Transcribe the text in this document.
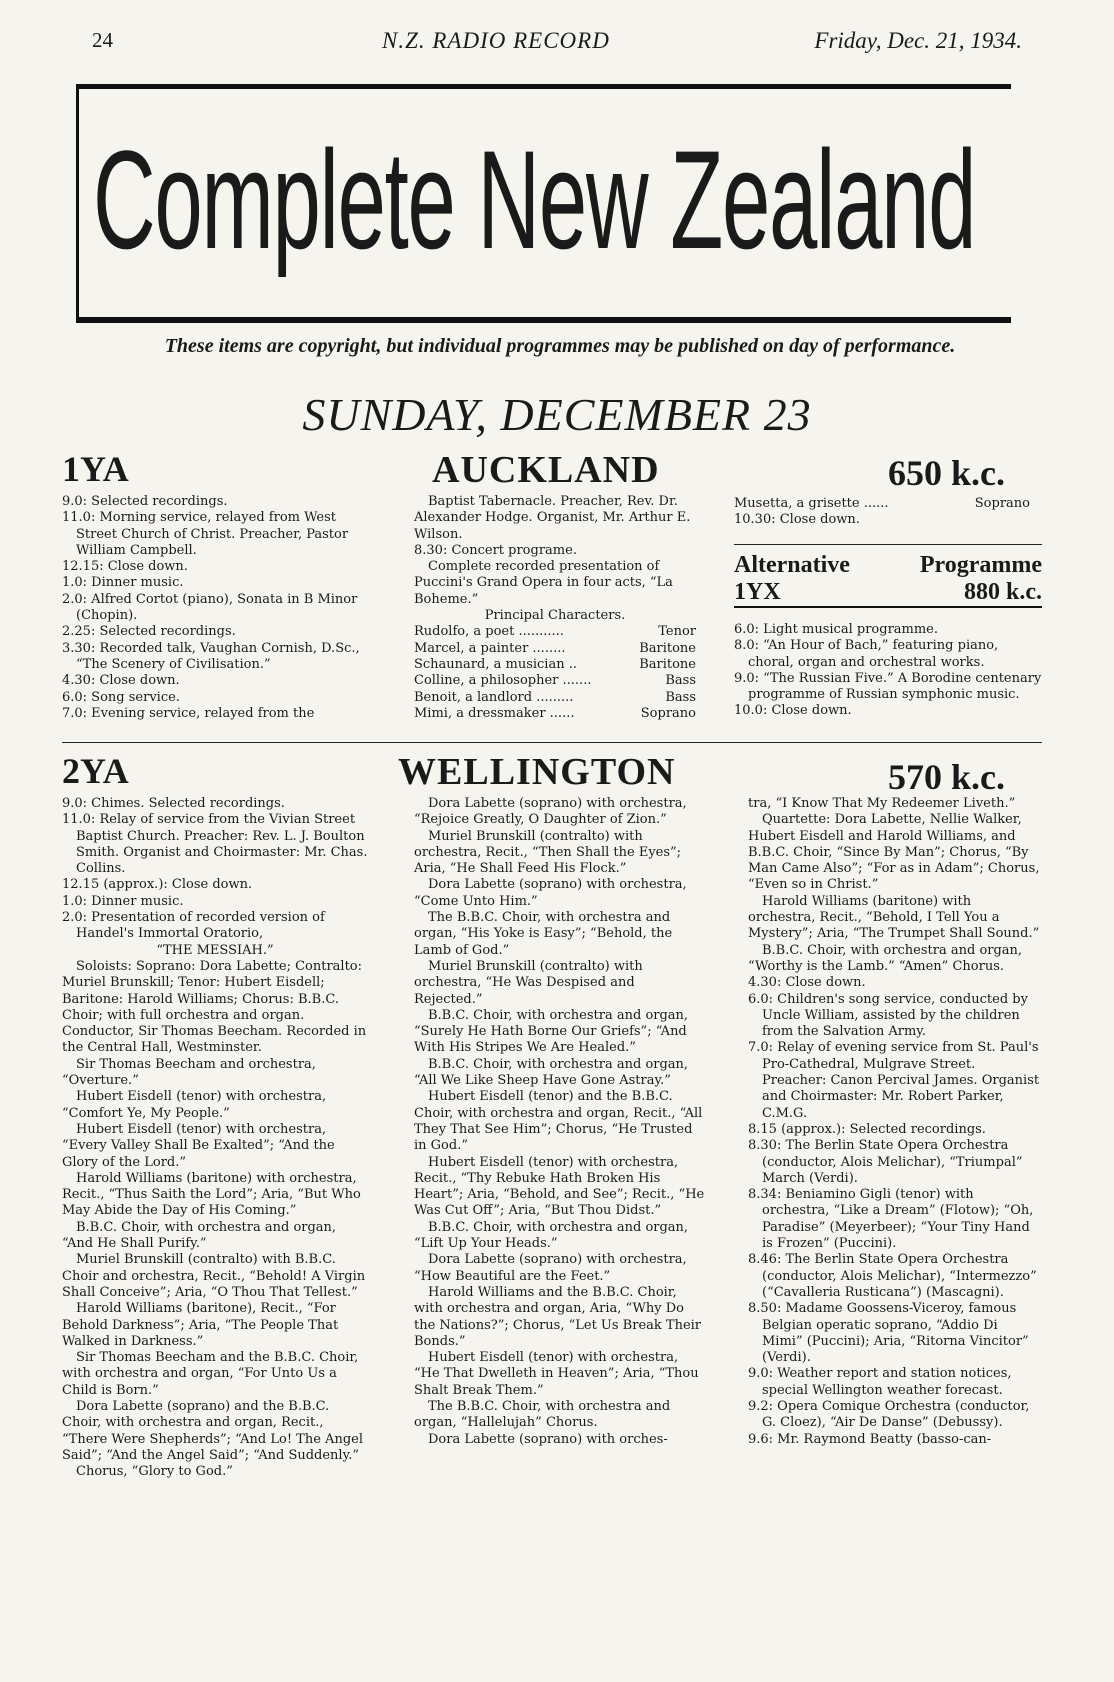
24	N.Z. RADIO RECORD	Friday, Dec. 21, 1934.
Complete New Zealand
These items are copyright, but individual programmes may be published on day of performance.
SUNDAY, DECEMBER 23
1YA	AUCKLAND	650 k.c.

9.0: Selected recordings.

11.0: Morning service, relayed from West Street Church of Christ. Preacher, Pastor William Campbell.

12.15: Close down.

1.0: Dinner music.

2.0: Alfred Cortot (piano), Sonata in B Minor (Chopin).

2.25: Selected recordings.

3.30: Recorded talk, Vaughan Cornish, D.Sc., “The Scenery of Civilisation.”

4.30: Close down.

6.0: Song service.

7.0: Evening service, relayed from the

Baptist Tabernacle. Preacher, Rev. Dr. Alexander Hodge. Organist, Mr. Arthur E. Wilson.

8.30: Concert programe.

Complete recorded presentation of Puccini's Grand Opera in four acts, “La Boheme.”

Principal Characters.

Rudolfo, a poet ...........	Tenor
Marcel, a painter ........	Baritone
Schaunard, a musician ..	Baritone
Colline, a philosopher .......	Bass
Benoit, a landlord .........	Bass
Mimi, a dressmaker ......	Soprano
Musetta, a grisette ......	Soprano

10.30: Close down.

Alternative	Programme
1YX	880 k.c.

6.0: Light musical programme.

8.0: “An Hour of Bach,” featuring piano, choral, organ and orchestral works.

9.0: “The Russian Five.” A Borodine centenary programme of Russian symphonic music.

10.0: Close down.

2YA	WELLINGTON	570 k.c.

9.0: Chimes. Selected recordings.

11.0: Relay of service from the Vivian Street Baptist Church. Preacher: Rev. L. J. Boulton Smith. Organist and Choirmaster: Mr. Chas. Collins.

12.15 (approx.): Close down.

1.0: Dinner music.

2.0: Presentation of recorded version of Handel's Immortal Oratorio,

“THE MESSIAH.”

Soloists: Soprano: Dora Labette; Contralto: Muriel Brunskill; Tenor: Hubert Eisdell; Baritone: Harold Williams; Chorus: B.B.C. Choir; with full orchestra and organ. Conductor, Sir Thomas Beecham. Recorded in the Central Hall, Westminster.

Sir Thomas Beecham and orchestra, “Overture.”

Hubert Eisdell (tenor) with orchestra, “Comfort Ye, My People.”

Hubert Eisdell (tenor) with orchestra, “Every Valley Shall Be Exalted”; “And the Glory of the Lord.”

Harold Williams (baritone) with orchestra, Recit., “Thus Saith the Lord”; Aria, “But Who May Abide the Day of His Coming.”

B.B.C. Choir, with orchestra and organ, “And He Shall Purify.”

Muriel Brunskill (contralto) with B.B.C. Choir and orchestra, Recit., “Behold! A Virgin Shall Conceive”; Aria, “O Thou That Tellest.”

Harold Williams (baritone), Recit., “For Behold Darkness”; Aria, “The People That Walked in Darkness.”

Sir Thomas Beecham and the B.B.C. Choir, with orchestra and organ, “For Unto Us a Child is Born.”

Dora Labette (soprano) and the B.B.C. Choir, with orchestra and organ, Recit., “There Were Shepherds”; “And Lo! The Angel Said”; “And the Angel Said”; “And Suddenly.”

Chorus, “Glory to God.”

Dora Labette (soprano) with orchestra, “Rejoice Greatly, O Daughter of Zion.”

Muriel Brunskill (contralto) with orchestra, Recit., “Then Shall the Eyes”; Aria, “He Shall Feed His Flock.”

Dora Labette (soprano) with orchestra, “Come Unto Him.”

The B.B.C. Choir, with orchestra and organ, “His Yoke is Easy”; “Behold, the Lamb of God.”

Muriel Brunskill (contralto) with orchestra, “He Was Despised and Rejected.”

B.B.C. Choir, with orchestra and organ, “Surely He Hath Borne Our Griefs”; “And With His Stripes We Are Healed.”

B.B.C. Choir, with orchestra and organ, “All We Like Sheep Have Gone Astray.”

Hubert Eisdell (tenor) and the B.B.C. Choir, with orchestra and organ, Recit., “All They That See Him”; Chorus, “He Trusted in God.”

Hubert Eisdell (tenor) with orchestra, Recit., “Thy Rebuke Hath Broken His Heart”; Aria, “Behold, and See”; Recit., “He Was Cut Off”; Aria, “But Thou Didst.”

B.B.C. Choir, with orchestra and organ, “Lift Up Your Heads.”

Dora Labette (soprano) with orchestra, “How Beautiful are the Feet.”

Harold Williams and the B.B.C. Choir, with orchestra and organ, Aria, “Why Do the Nations?”; Chorus, “Let Us Break Their Bonds.”

Hubert Eisdell (tenor) with orchestra, “He That Dwelleth in Heaven”; Aria, “Thou Shalt Break Them.”

The B.B.C. Choir, with orchestra and organ, “Hallelujah” Chorus.

Dora Labette (soprano) with orches-

tra, “I Know That My Redeemer Liveth.”

Quartette: Dora Labette, Nellie Walker, Hubert Eisdell and Harold Williams, and B.B.C. Choir, “Since By Man”; Chorus, “By Man Came Also”; “For as in Adam”; Chorus, “Even so in Christ.”

Harold Williams (baritone) with orchestra, Recit., “Behold, I Tell You a Mystery”; Aria, “The Trumpet Shall Sound.”

B.B.C. Choir, with orchestra and organ, “Worthy is the Lamb.” “Amen” Chorus.

4.30: Close down.

6.0: Children's song service, conducted by Uncle William, assisted by the children from the Salvation Army.

7.0: Relay of evening service from St. Paul's Pro-Cathedral, Mulgrave Street. Preacher: Canon Percival James. Organist and Choirmaster: Mr. Robert Parker, C.M.G.

8.15 (approx.): Selected recordings.

8.30: The Berlin State Opera Orchestra (conductor, Alois Melichar), “Triumpal” March (Verdi).

8.34: Beniamino Gigli (tenor) with orchestra, “Like a Dream” (Flotow); “Oh, Paradise” (Meyerbeer); “Your Tiny Hand is Frozen” (Puccini).

8.46: The Berlin State Opera Orchestra (conductor, Alois Melichar), “Intermezzo” (“Cavalleria Rusticana”) (Mascagni).

8.50: Madame Goossens-Viceroy, famous Belgian operatic soprano, “Addio Di Mimi” (Puccini); Aria, “Ritorna Vincitor” (Verdi).

9.0: Weather report and station notices, special Wellington weather forecast.

9.2: Opera Comique Orchestra (conductor, G. Cloez), “Air De Danse” (Debussy).

9.6: Mr. Raymond Beatty (basso-can-
